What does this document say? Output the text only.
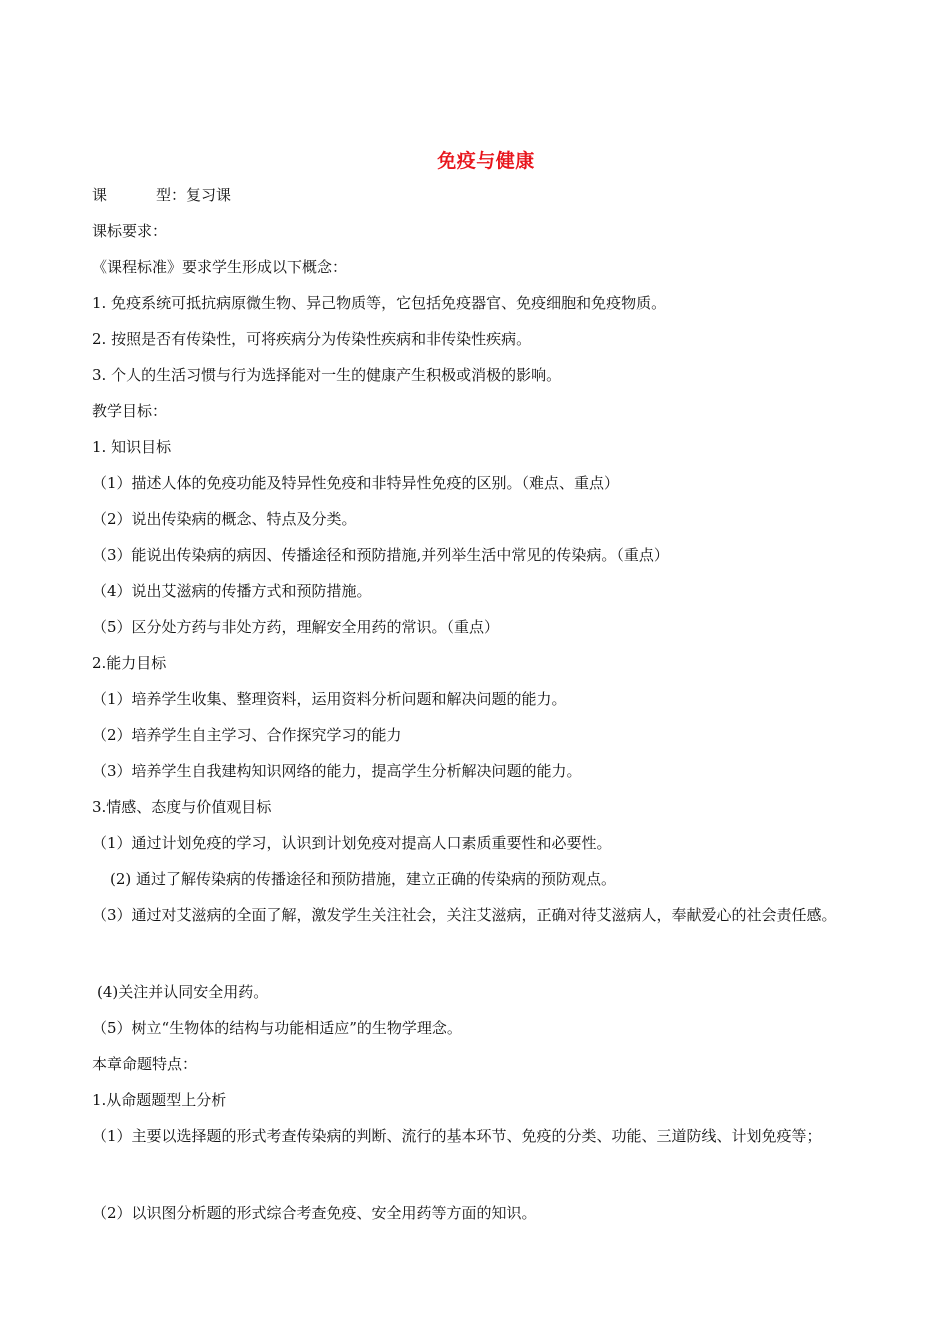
免疫与健康
课	型：复习课
课标要求：
《课程标准》要求学生形成以下概念：
1. 免疫系统可抵抗病原微生物、异己物质等，它包括免疫器官、免疫细胞和免疫物质。
2. 按照是否有传染性，可将疾病分为传染性疾病和非传染性疾病。
3. 个人的生活习惯与行为选择能对一生的健康产生积极或消极的影响。
教学目标：
1. 知识目标
（1）描述人体的免疫功能及特异性免疫和非特异性免疫的区别。（难点、重点）
（2）说出传染病的概念、特点及分类。
（3）能说出传染病的病因、传播途径和预防措施,并列举生活中常见的传染病。（重点）
（4）说出艾滋病的传播方式和预防措施。
（5）区分处方药与非处方药，理解安全用药的常识。（重点）
2.能力目标
（1）培养学生收集、整理资料，运用资料分析问题和解决问题的能力。
（2）培养学生自主学习、合作探究学习的能力
（3）培养学生自我建构知识网络的能力，提高学生分析解决问题的能力。
3.情感、态度与价值观目标
（1）通过计划免疫的学习，认识到计划免疫对提高人口素质重要性和必要性。
(2) 通过了解传染病的传播途径和预防措施，建立正确的传染病的预防观点。
（3）通过对艾滋病的全面了解，激发学生关注社会，关注艾滋病，正确对待艾滋病人，奉献爱心的社会责任感。
(4)关注并认同安全用药。
（5）树立“生物体的结构与功能相适应”的生物学理念。
本章命题特点：
1.从命题题型上分析
（1）主要以选择题的形式考查传染病的判断、流行的基本环节、免疫的分类、功能、三道防线、计划免疫等；
（2）以识图分析题的形式综合考查免疫、安全用药等方面的知识。
